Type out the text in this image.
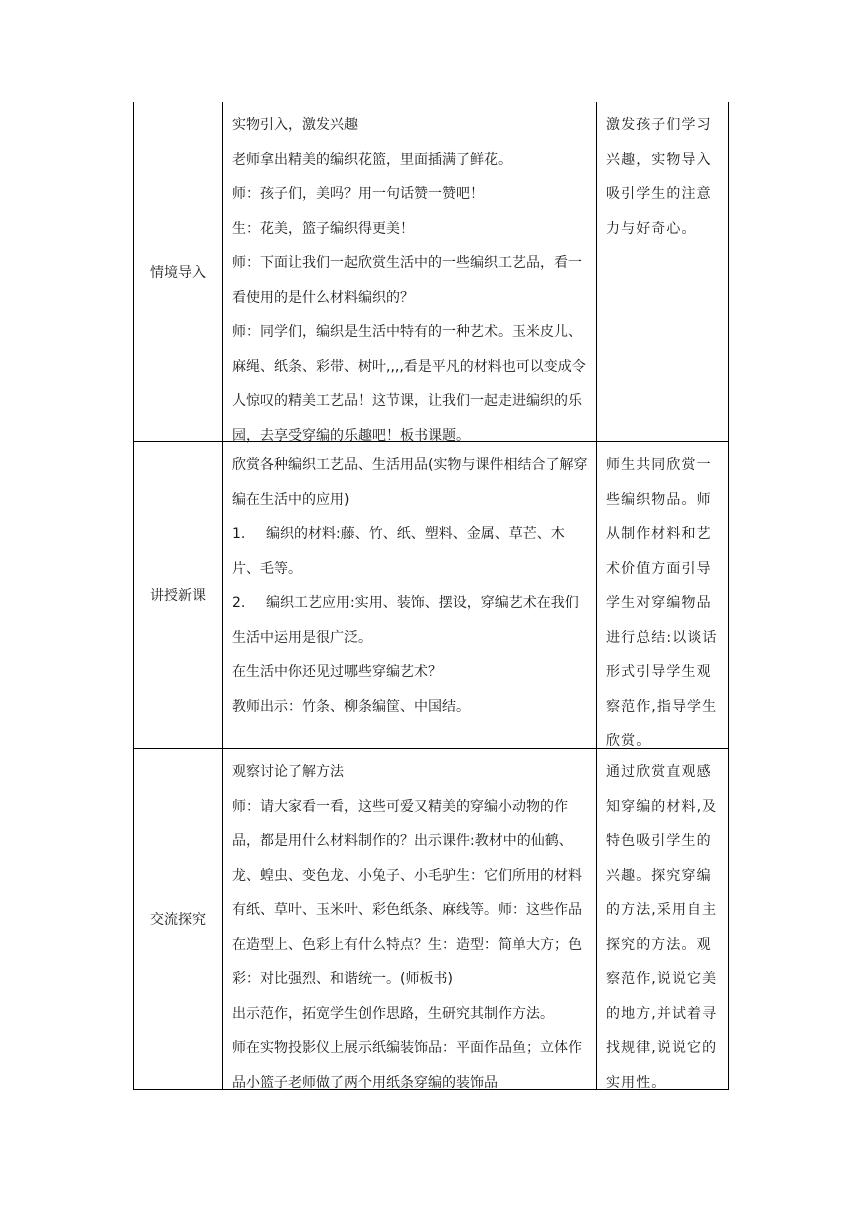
情境导入

实物引入，激发兴趣

老师拿出精美的编织花篮，里面插满了鲜花。

师：孩子们，美吗？用一句话赞一赞吧！

生：花美，篮子编织得更美！

师：下面让我们一起欣赏生活中的一些编织工艺品，看一看使用的是什么材料编织的？

师：同学们，编织是生活中特有的一种艺术。玉米皮儿、麻绳、纸条、彩带、树叶,,,,看是平凡的材料也可以变成令人惊叹的精美工艺品！这节课，让我们一起走进编织的乐园，去享受穿编的乐趣吧！板书课题。

激发孩子们学习兴趣，实物导入吸引学生的注意力与好奇心。
讲授新课

欣赏各种编织工艺品、生活用品(实物与课件相结合了解穿编在生活中的应用)

1. 编织的材料:藤、竹、纸、塑料、金属、草芒、木片、毛等。

2. 编织工艺应用:实用、装饰、摆设，穿编艺术在我们生活中运用是很广泛。

在生活中你还见过哪些穿编艺术？

教师出示：竹条、柳条编筐、中国结。

师生共同欣赏一些编织物品。师从制作材料和艺术价值方面引导学生对穿编物品进行总结:以谈话形式引导学生观察范作,指导学生欣赏。
交流探究

观察讨论了解方法

师：请大家看一看，这些可爱又精美的穿编小动物的作品，都是用什么材料制作的？出示课件:教材中的仙鹤、龙、蝗虫、变色龙、小兔子、小毛驴生：它们所用的材料有纸、草叶、玉米叶、彩色纸条、麻线等。师：这些作品在造型上、色彩上有什么特点？生：造型：简单大方；色彩：对比强烈、和谐统一。(师板书)

出示范作，拓宽学生创作思路，生研究其制作方法。

师在实物投影仪上展示纸编装饰品：平面作品鱼；立体作品小篮子老师做了两个用纸条穿编的装饰品

通过欣赏直观感知穿编的材料,及特色吸引学生的兴趣。探究穿编的方法,采用自主探究的方法。观察范作,说说它美的地方,并试着寻找规律,说说它的实用性。
